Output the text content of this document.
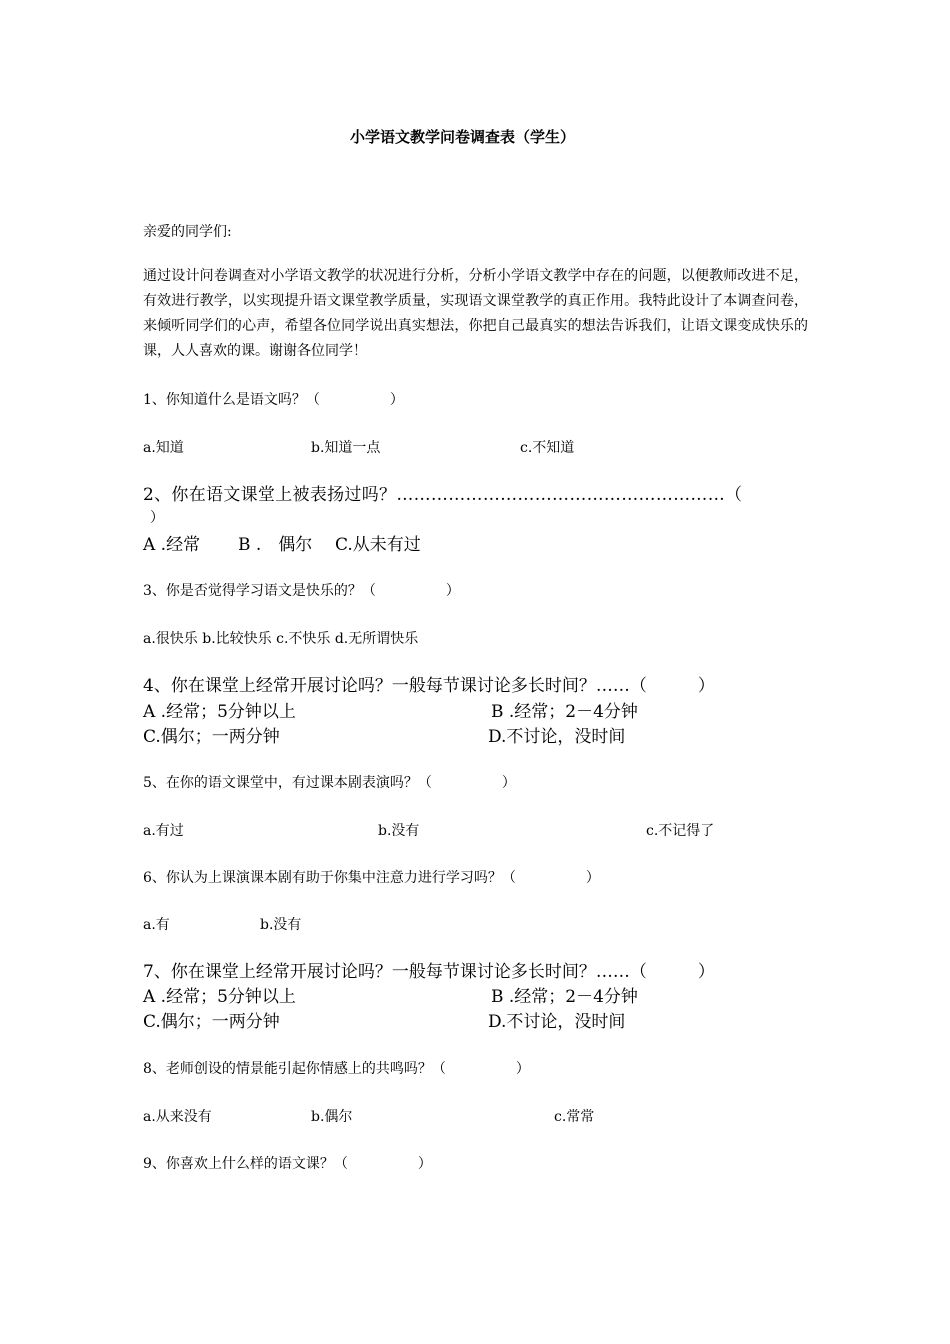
小学语文教学问卷调查表（学生）
亲爱的同学们:
通过设计问卷调查对小学语文教学的状况进行分析，分析小学语文教学中存在的问题，以便教师改进不足，有效进行教学，以实现提升语文课堂教学质量，实现语文课堂教学的真正作用。我特此设计了本调查问卷，来倾听同学们的心声，希望各位同学说出真实想法，你把自己最真实的想法告诉我们，让语文课变成快乐的课，人人喜欢的课。谢谢各位同学！
1、你知道什么是语文吗？（　　　　　）
a.知道	b.知道一点	c.不知道
2、你在语文课堂上被表扬过吗？…………………………………………………（
）
A .经常 B .　偶尔 C.从未有过
3、你是否觉得学习语文是快乐的？（　　　　　）
a.很快乐 b.比较快乐 c.不快乐 d.无所谓快乐
4、你在课堂上经常开展讨论吗？一般每节课讨论多长时间？……（　　　）
A .经常；5分钟以上	B .经常；2－4分钟
C.偶尔；一两分钟	D.不讨论，没时间
5、在你的语文课堂中，有过课本剧表演吗？（　　　　　）
a.有过	b.没有	c.不记得了
6、你认为上课演课本剧有助于你集中注意力进行学习吗？（　　　　　）
a.有	b.没有
7、你在课堂上经常开展讨论吗？一般每节课讨论多长时间？……（　　　）
A .经常；5分钟以上	B .经常；2－4分钟
C.偶尔；一两分钟	D.不讨论，没时间
8、老师创设的情景能引起你情感上的共鸣吗？（　　　　　）
a.从来没有	b.偶尔	c.常常
9、你喜欢上什么样的语文课？（　　　　　）
